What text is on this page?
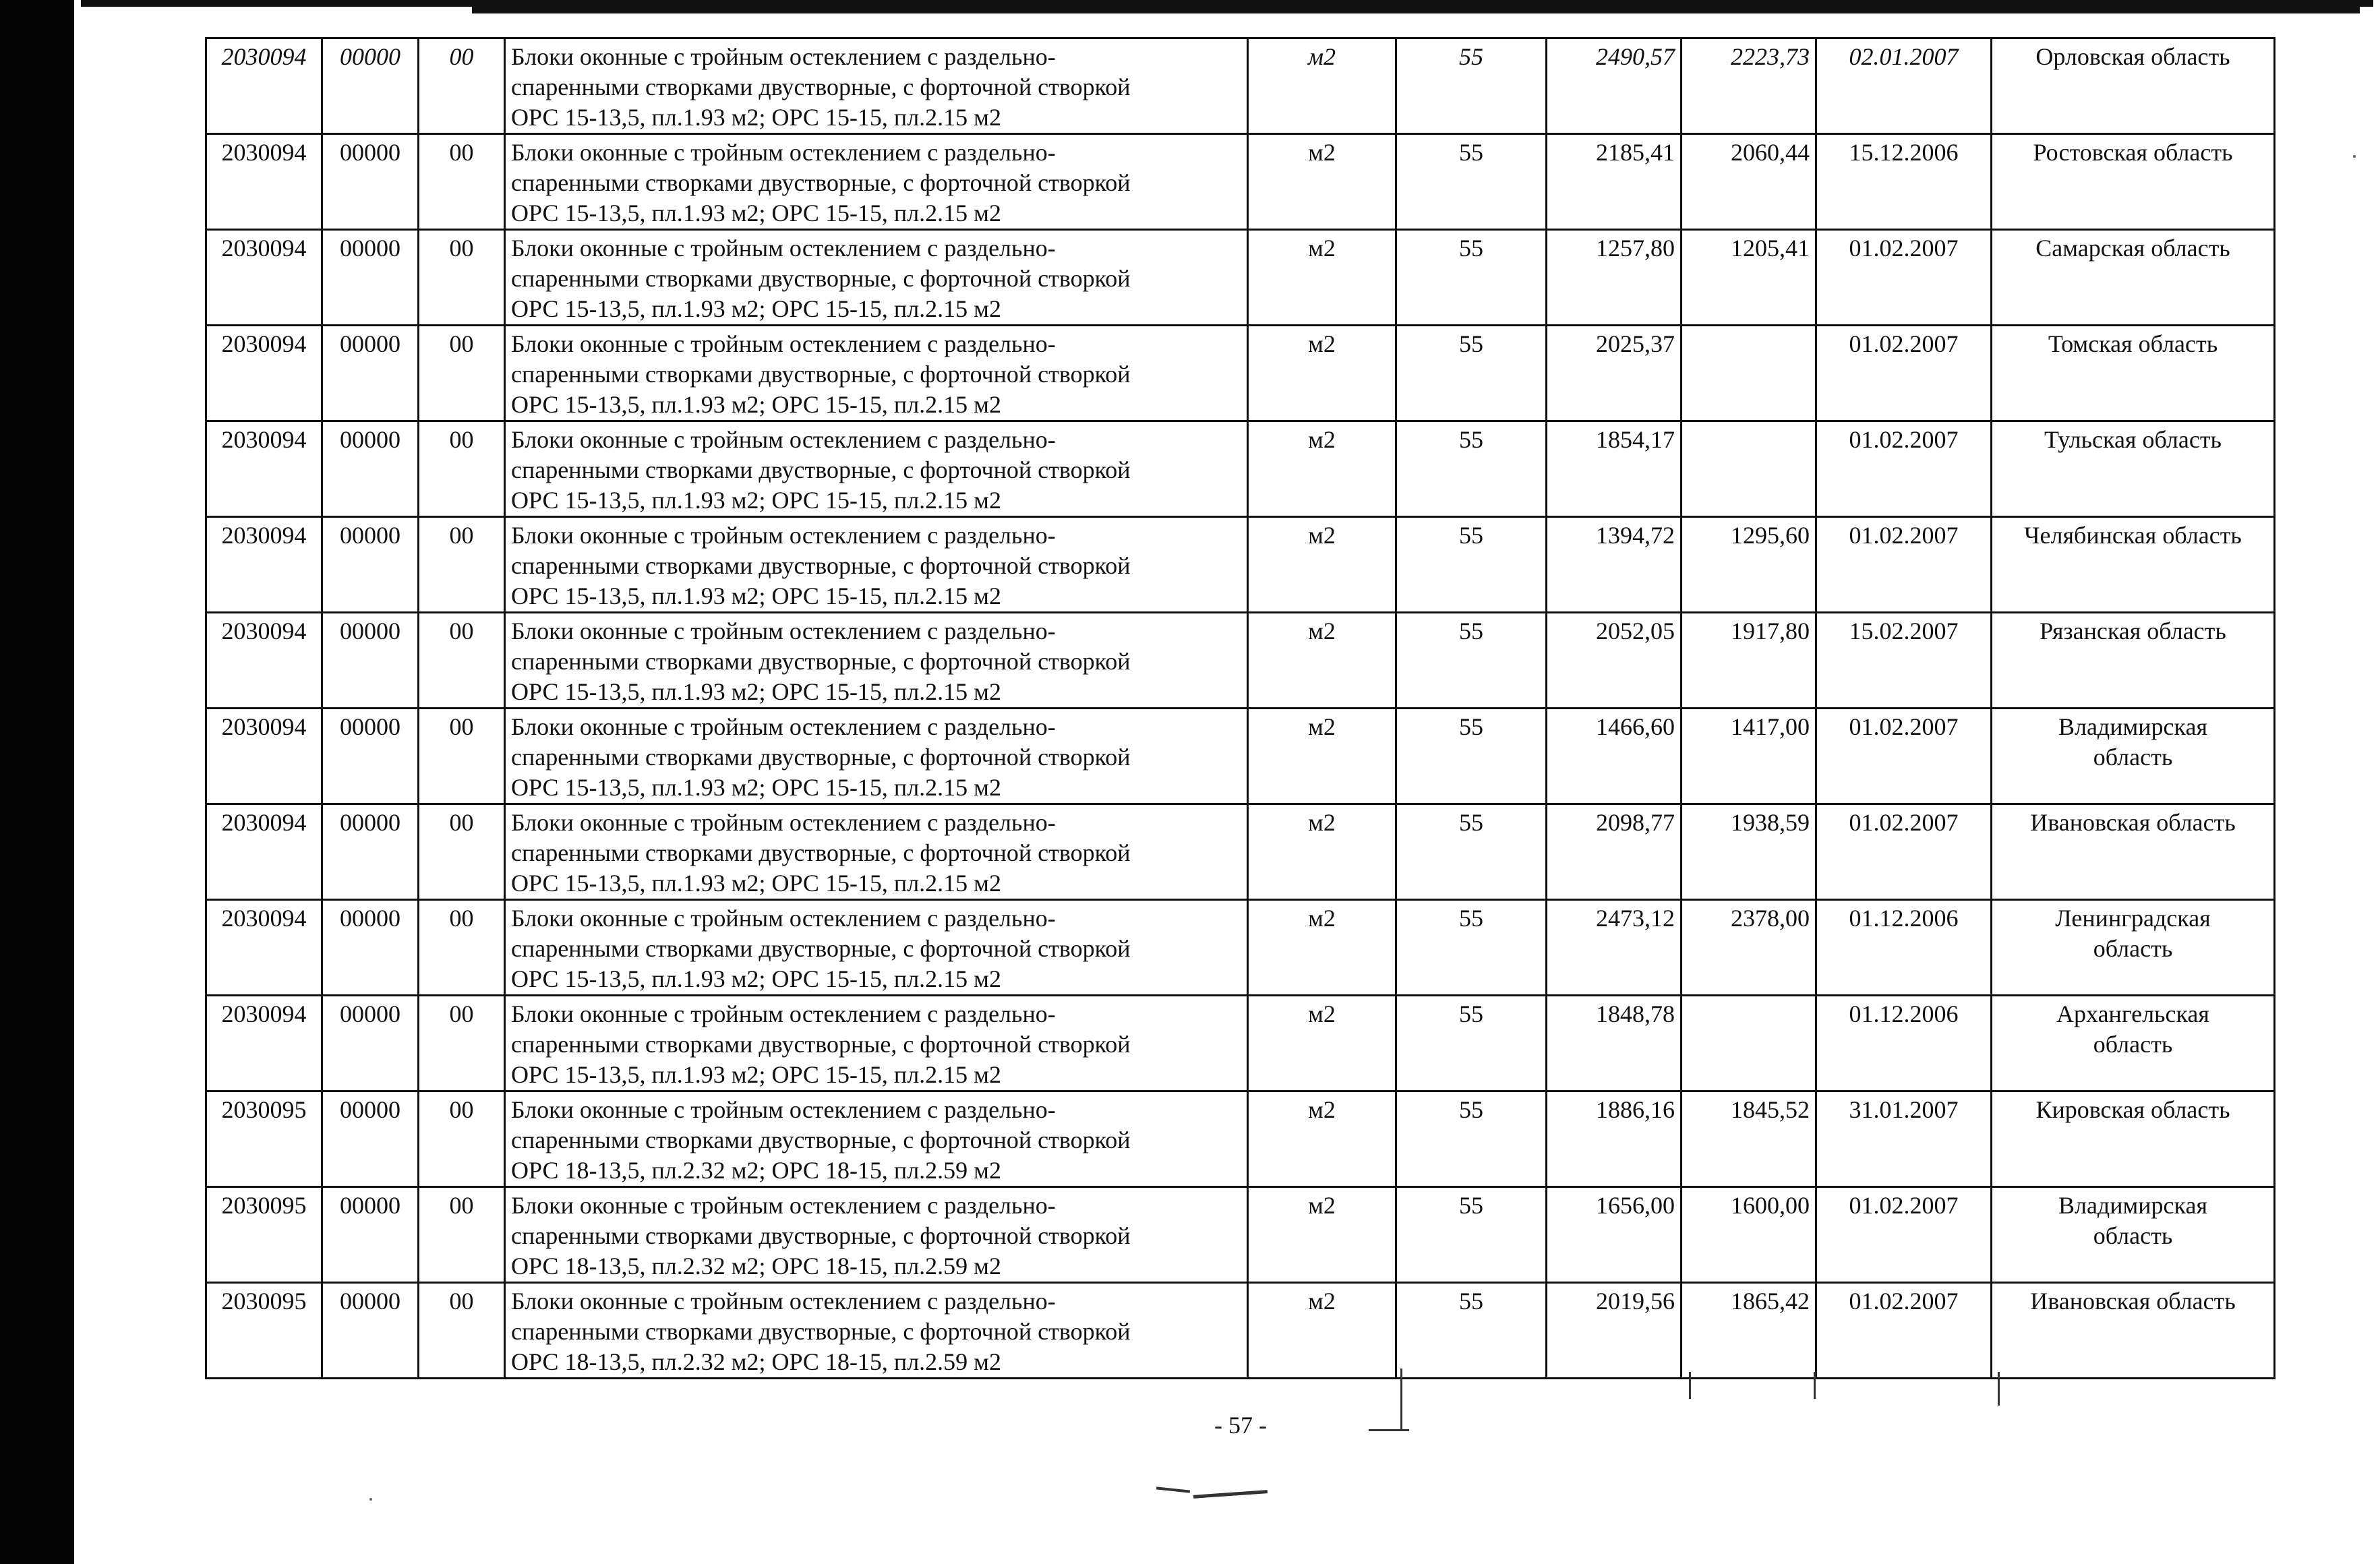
2030094	00000	00	Блоки оконные с тройным остеклением с раздельно-
спаренными створками двустворные, с форточной створкой
ОРС 15-13,5, пл.1.93 м2; ОРС 15-15, пл.2.15 м2	м2	55	2490,57	2223,73	02.01.2007	Орловская область

2030094	00000	00	Блоки оконные с тройным остеклением с раздельно-
спаренными створками двустворные, с форточной створкой
ОРС 15-13,5, пл.1.93 м2; ОРС 15-15, пл.2.15 м2	м2	55	2185,41	2060,44	15.12.2006	Ростовская область

2030094	00000	00	Блоки оконные с тройным остеклением с раздельно-
спаренными створками двустворные, с форточной створкой
ОРС 15-13,5, пл.1.93 м2; ОРС 15-15, пл.2.15 м2	м2	55	1257,80	1205,41	01.02.2007	Самарская область

2030094	00000	00	Блоки оконные с тройным остеклением с раздельно-
спаренными створками двустворные, с форточной створкой
ОРС 15-13,5, пл.1.93 м2; ОРС 15-15, пл.2.15 м2	м2	55	2025,37		01.02.2007	Томская область

2030094	00000	00	Блоки оконные с тройным остеклением с раздельно-
спаренными створками двустворные, с форточной створкой
ОРС 15-13,5, пл.1.93 м2; ОРС 15-15, пл.2.15 м2	м2	55	1854,17		01.02.2007	Тульская область

2030094	00000	00	Блоки оконные с тройным остеклением с раздельно-
спаренными створками двустворные, с форточной створкой
ОРС 15-13,5, пл.1.93 м2; ОРС 15-15, пл.2.15 м2	м2	55	1394,72	1295,60	01.02.2007	Челябинская область

2030094	00000	00	Блоки оконные с тройным остеклением с раздельно-
спаренными створками двустворные, с форточной створкой
ОРС 15-13,5, пл.1.93 м2; ОРС 15-15, пл.2.15 м2	м2	55	2052,05	1917,80	15.02.2007	Рязанская область

2030094	00000	00	Блоки оконные с тройным остеклением с раздельно-
спаренными створками двустворные, с форточной створкой
ОРС 15-13,5, пл.1.93 м2; ОРС 15-15, пл.2.15 м2	м2	55	1466,60	1417,00	01.02.2007	Владимирская
область

2030094	00000	00	Блоки оконные с тройным остеклением с раздельно-
спаренными створками двустворные, с форточной створкой
ОРС 15-13,5, пл.1.93 м2; ОРС 15-15, пл.2.15 м2	м2	55	2098,77	1938,59	01.02.2007	Ивановская область

2030094	00000	00	Блоки оконные с тройным остеклением с раздельно-
спаренными створками двустворные, с форточной створкой
ОРС 15-13,5, пл.1.93 м2; ОРС 15-15, пл.2.15 м2	м2	55	2473,12	2378,00	01.12.2006	Ленинградская
область

2030094	00000	00	Блоки оконные с тройным остеклением с раздельно-
спаренными створками двустворные, с форточной створкой
ОРС 15-13,5, пл.1.93 м2; ОРС 15-15, пл.2.15 м2	м2	55	1848,78		01.12.2006	Архангельская
область

2030095	00000	00	Блоки оконные с тройным остеклением с раздельно-
спаренными створками двустворные, с форточной створкой
ОРС 18-13,5, пл.2.32 м2; ОРС 18-15, пл.2.59 м2	м2	55	1886,16	1845,52	31.01.2007	Кировская область

2030095	00000	00	Блоки оконные с тройным остеклением с раздельно-
спаренными створками двустворные, с форточной створкой
ОРС 18-13,5, пл.2.32 м2; ОРС 18-15, пл.2.59 м2	м2	55	1656,00	1600,00	01.02.2007	Владимирская
область

2030095	00000	00	Блоки оконные с тройным остеклением с раздельно-
спаренными створками двустворные, с форточной створкой
ОРС 18-13,5, пл.2.32 м2; ОРС 18-15, пл.2.59 м2	м2	55	2019,56	1865,42	01.02.2007	Ивановская область
- 57 -
